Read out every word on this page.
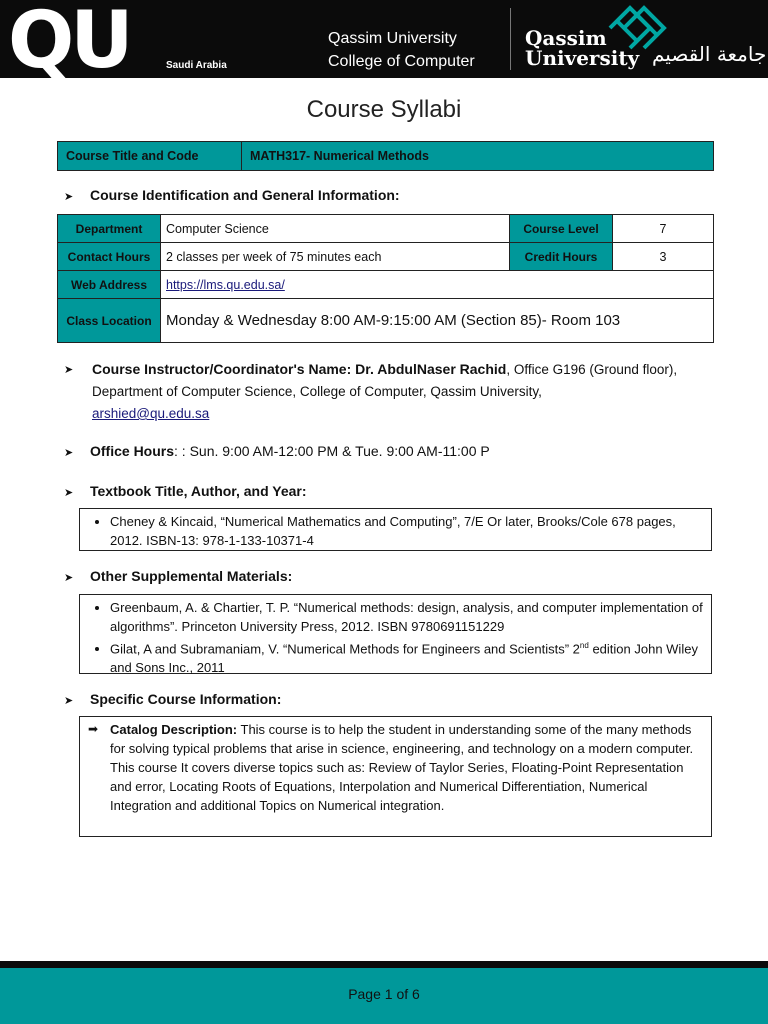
QU	Saudi Arabia
Qassim University
College of Computer
Qassim
University جامعة القصيم
Course Syllabi
Course Title and Code	MATH317- Numerical Methods
➤ Course Identification and General Information:
Department	Computer Science	Course Level	7
Contact Hours	2 classes per week of 75 minutes each	Credit Hours	3
Web Address	https://lms.qu.edu.sa/		
Class Location	Monday & Wednesday 8:00 AM-9:15:00 AM (Section 85)- Room 103		
➤	Course Instructor/Coordinator's Name: Dr. AbdulNaser Rachid, Office G196 (Ground floor), Department of Computer Science, College of Computer, Qassim University,
arshied@qu.edu.sa
➤ Office Hours: : Sun. 9:00 AM-12:00 PM & Tue. 9:00 AM-11:00 P
➤ Textbook Title, Author, and Year:
• Cheney & Kincaid, “Numerical Mathematics and Computing”, 7/E Or later, Brooks/Cole 678 pages, 2012. ISBN-13: 978-1-133-10371-4
➤ Other Supplemental Materials:
• Greenbaum, A. & Chartier, T. P. “Numerical methods: design, analysis, and computer implementation of algorithms”. Princeton University Press, 2012. ISBN 9780691151229
• Gilat, A and Subramaniam, V. “Numerical Methods for Engineers and Scientists” 2nd edition John Wiley and Sons Inc., 2011
➤ Specific Course Information:
➡ Catalog Description: This course is to help the student in understanding some of the many methods for solving typical problems that arise in science, engineering, and technology on a modern computer. This course It covers diverse topics such as: Review of Taylor Series, Floating-Point Representation and error, Locating Roots of Equations, Interpolation and Numerical Differentiation, Numerical Integration and additional Topics on Numerical integration.
Page 1 of 6
